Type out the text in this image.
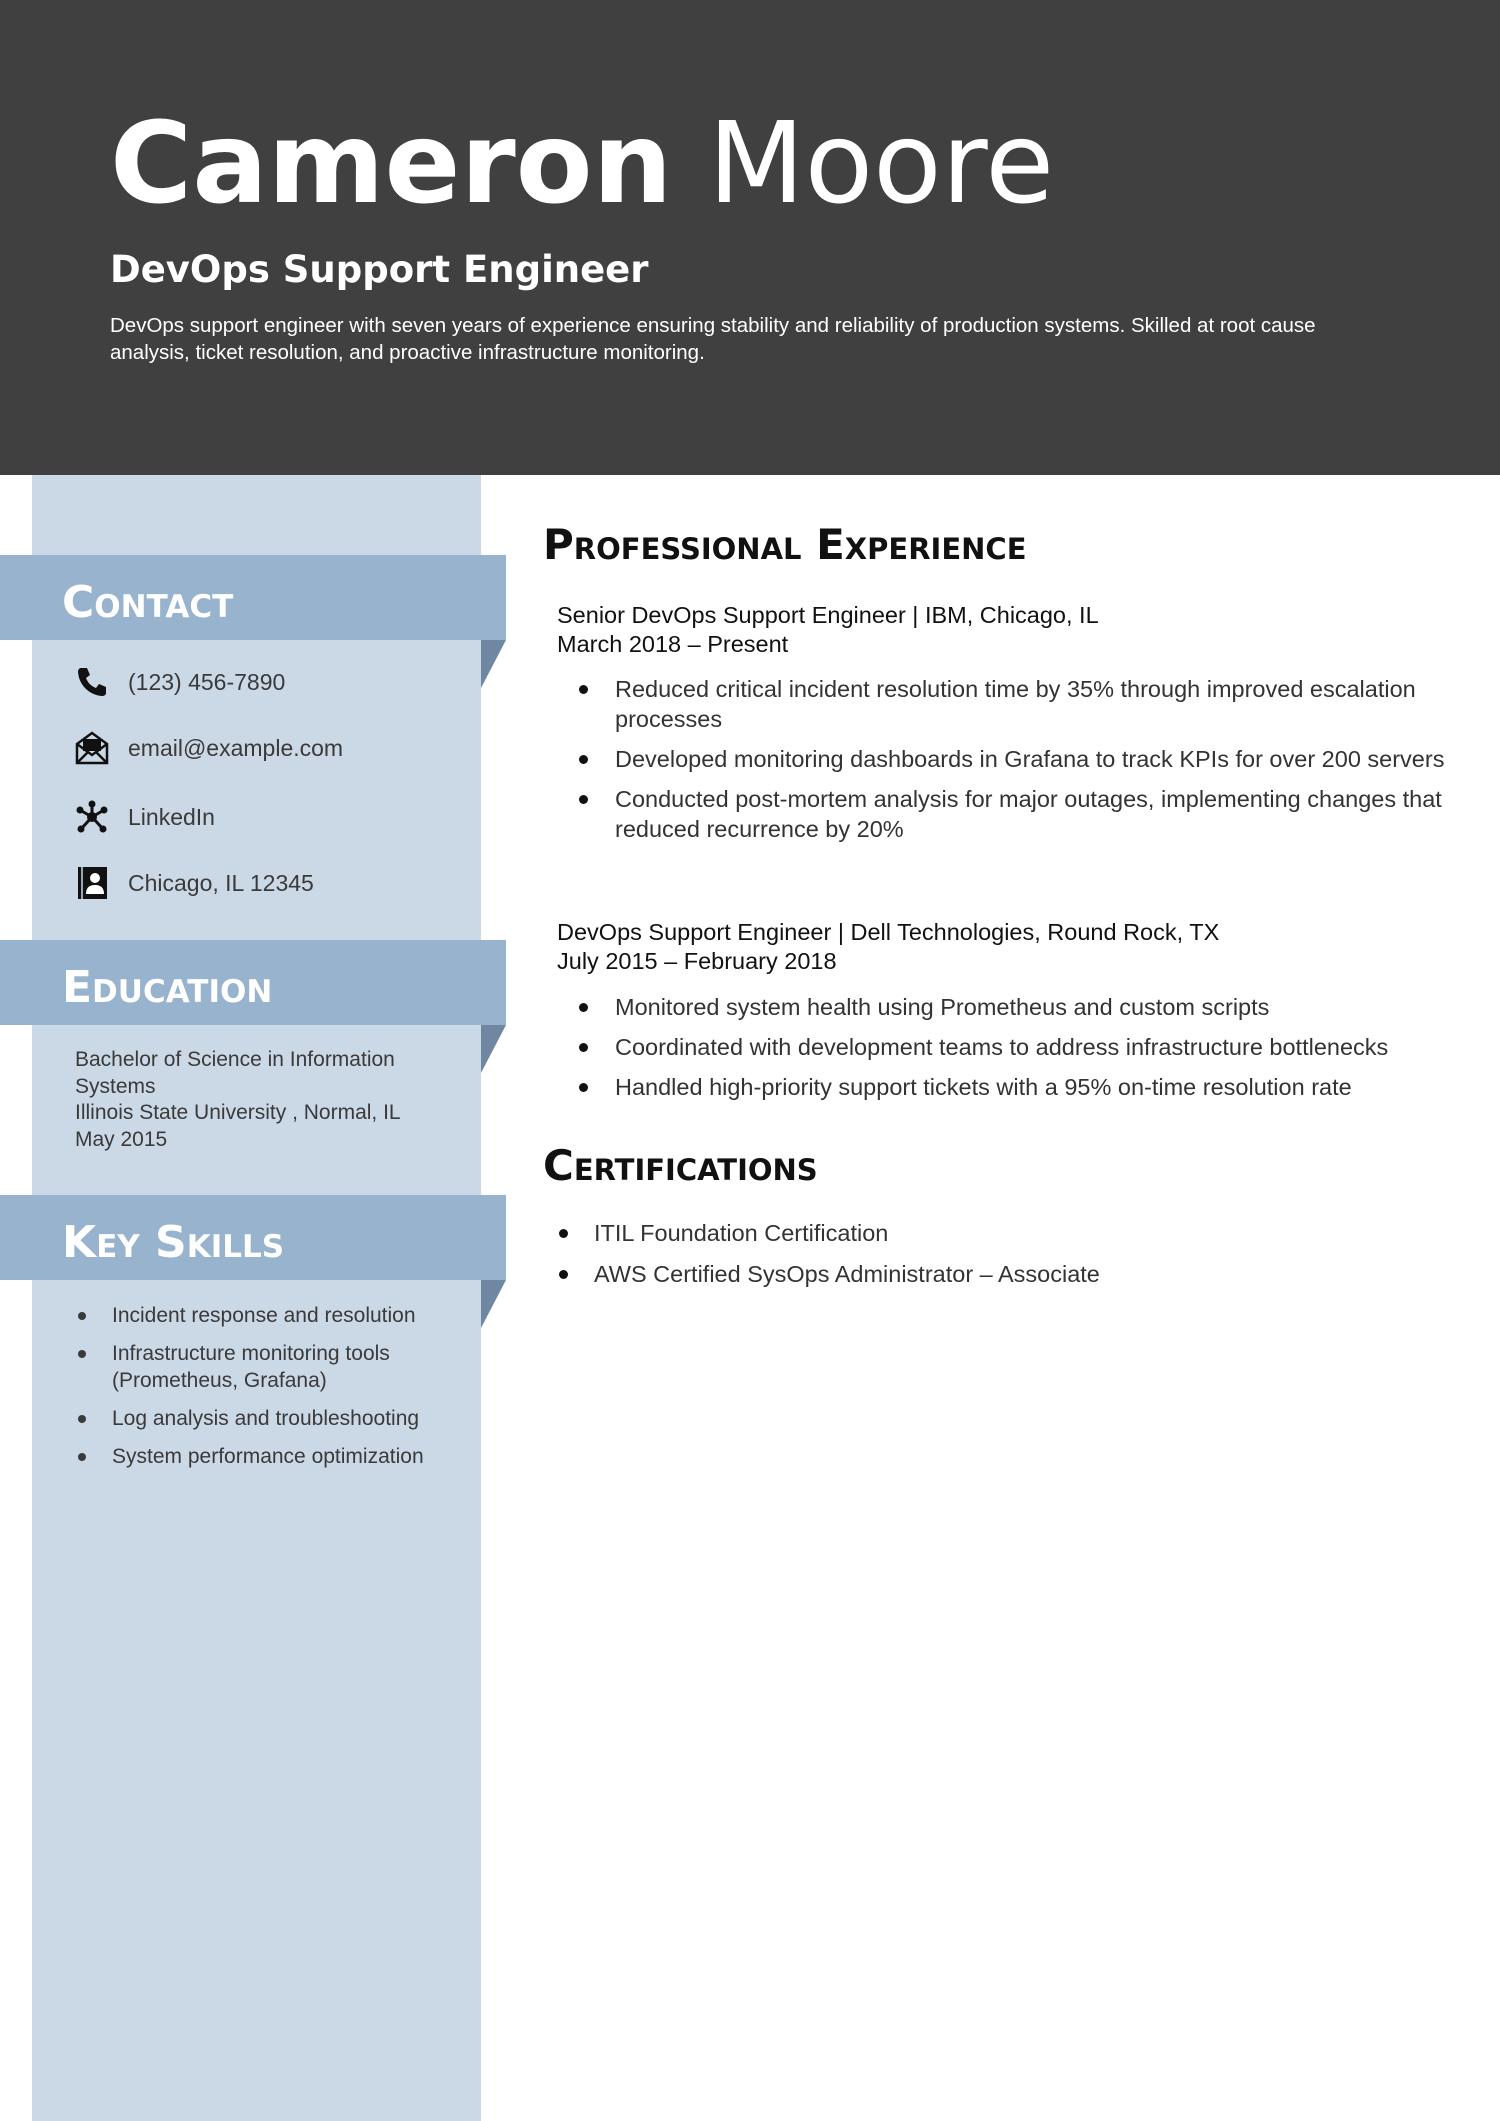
Cameron Moore
DevOps Support Engineer
DevOps support engineer with seven years of experience ensuring stability and reliability of production systems. Skilled at root cause analysis, ticket resolution, and proactive infrastructure monitoring.
Contact
(123) 456-7890
email@example.com
LinkedIn
Chicago, IL 12345
Education
Bachelor of Science in Information Systems
Illinois State University , Normal, IL
May 2015
Key Skills
Incident response and resolution
Infrastructure monitoring tools (Prometheus, Grafana)
Log analysis and troubleshooting
System performance optimization
Professional Experience
Senior DevOps Support Engineer | IBM, Chicago, IL
March 2018 – Present
Reduced critical incident resolution time by 35% through improved escalation processes
Developed monitoring dashboards in Grafana to track KPIs for over 200 servers
Conducted post-mortem analysis for major outages, implementing changes that reduced recurrence by 20%
DevOps Support Engineer | Dell Technologies, Round Rock, TX
July 2015 – February 2018
Monitored system health using Prometheus and custom scripts
Coordinated with development teams to address infrastructure bottlenecks
Handled high-priority support tickets with a 95% on-time resolution rate
Certifications
ITIL Foundation Certification
AWS Certified SysOps Administrator – Associate
